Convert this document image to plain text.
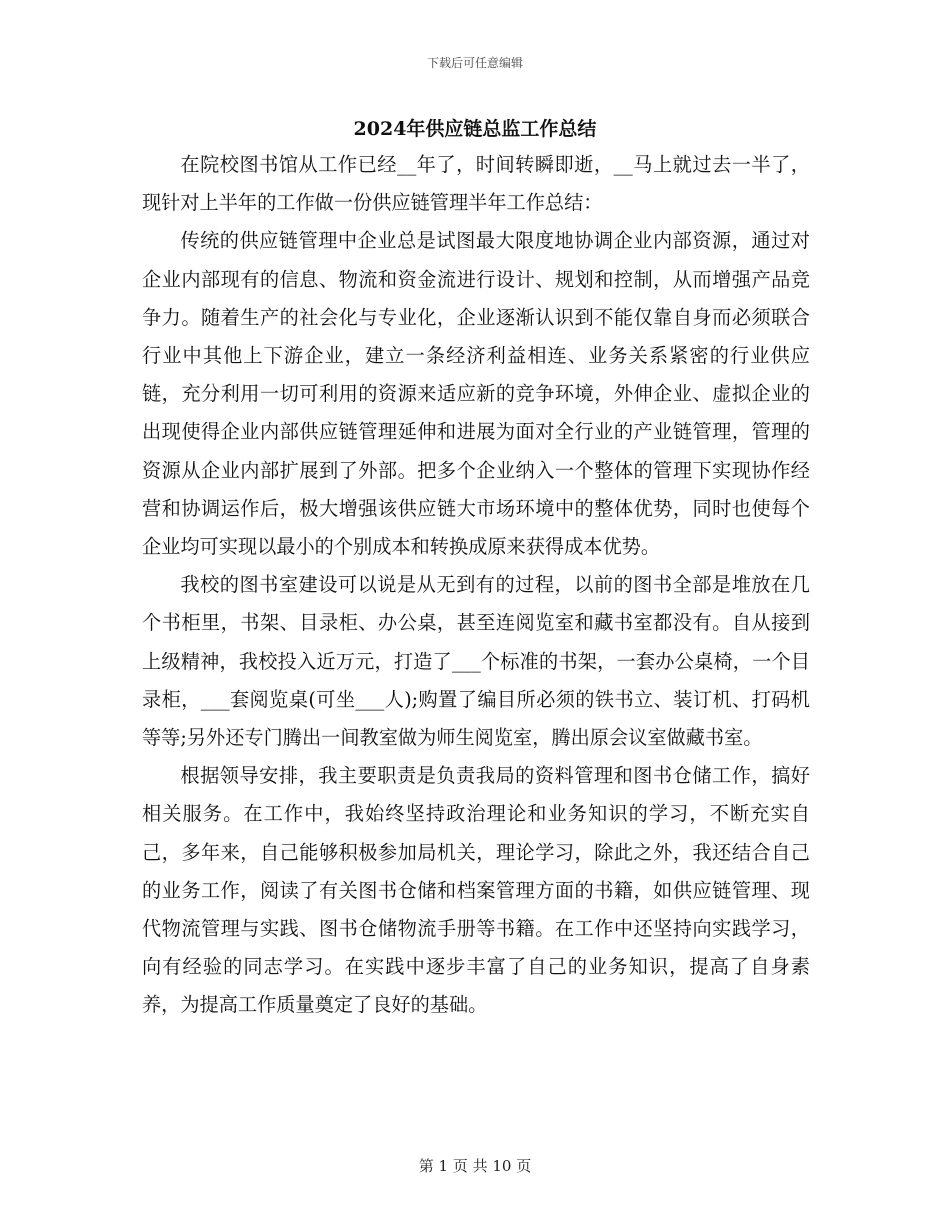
下载后可任意编辑
2024年供应链总监工作总结

在院校图书馆从工作已经__年了，时间转瞬即逝，__马上就过去一半了，现针对上半年的工作做一份供应链管理半年工作总结：

传统的供应链管理中企业总是试图最大限度地协调企业内部资源，通过对企业内部现有的信息、物流和资金流进行设计、规划和控制，从而增强产品竞争力。随着生产的社会化与专业化，企业逐渐认识到不能仅靠自身而必须联合行业中其他上下游企业，建立一条经济利益相连、业务关系紧密的行业供应链，充分利用一切可利用的资源来适应新的竞争环境，外伸企业、虚拟企业的出现使得企业内部供应链管理延伸和进展为面对全行业的产业链管理，管理的资源从企业内部扩展到了外部。把多个企业纳入一个整体的管理下实现协作经营和协调运作后，极大增强该供应链大市场环境中的整体优势，同时也使每个企业均可实现以最小的个别成本和转换成原来获得成本优势。

我校的图书室建设可以说是从无到有的过程，以前的图书全部是堆放在几个书柜里，书架、目录柜、办公桌，甚至连阅览室和藏书室都没有。自从接到上级精神，我校投入近万元，打造了___个标准的书架，一套办公桌椅，一个目录柜，___套阅览桌(可坐___人);购置了编目所必须的铁书立、装订机、打码机等等;另外还专门腾出一间教室做为师生阅览室，腾出原会议室做藏书室。

根据领导安排，我主要职责是负责我局的资料管理和图书仓储工作，搞好相关服务。在工作中，我始终坚持政治理论和业务知识的学习，不断充实自己，多年来，自己能够积极参加局机关，理论学习，除此之外，我还结合自己的业务工作，阅读了有关图书仓储和档案管理方面的书籍，如供应链管理、现代物流管理与实践、图书仓储物流手册等书籍。在工作中还坚持向实践学习，向有经验的同志学习。在实践中逐步丰富了自己的业务知识，提高了自身素养，为提高工作质量奠定了良好的基础。

第 1 页 共 10 页
